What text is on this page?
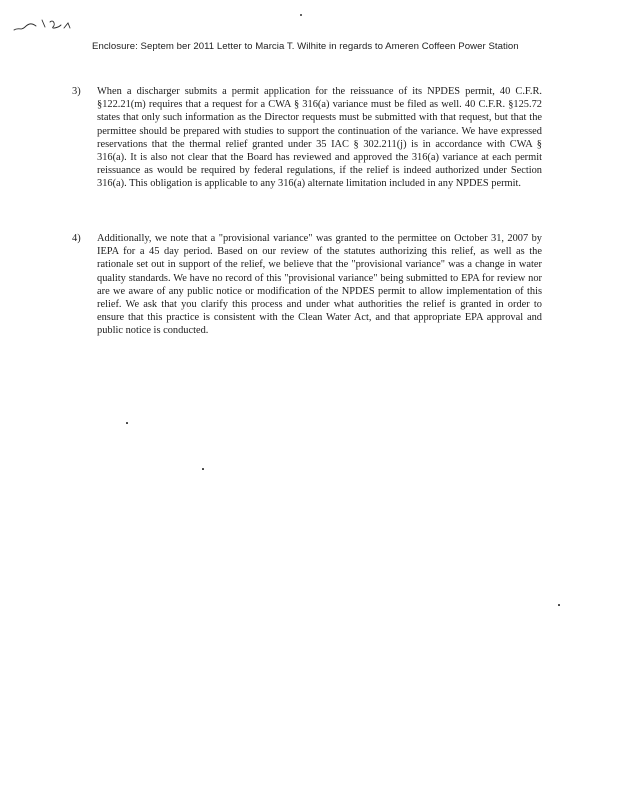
Enclosure: Septem ber 2011 Letter to Marcia T. Wilhite in regards to Ameren Coffeen Power Station
3)	When a discharger submits a permit application for the reissuance of its NPDES permit, 40 C.F.R. §122.21(m) requires that a request for a CWA § 316(a) variance must be filed as well. 40 C.F.R. §125.72 states that only such information as the Director requests must be submitted with that request, but that the permittee should be prepared with studies to support the continuation of the variance. We have expressed reservations that the thermal relief granted under 35 IAC § 302.211(j) is in accordance with CWA § 316(a). It is also not clear that the Board has reviewed and approved the 316(a) variance at each permit reissuance as would be required by federal regulations, if the relief is indeed authorized under Section 316(a). This obligation is applicable to any 316(a) alternate limitation included in any NPDES permit.
4)	Additionally, we note that a "provisional variance" was granted to the permittee on October 31, 2007 by IEPA for a 45 day period. Based on our review of the statutes authorizing this relief, as well as the rationale set out in support of the relief, we believe that the "provisional variance" was a change in water quality standards. We have no record of this "provisional variance" being submitted to EPA for review nor are we aware of any public notice or modification of the NPDES permit to allow implementation of this relief. We ask that you clarify this process and under what authorities the relief is granted in order to ensure that this practice is consistent with the Clean Water Act, and that appropriate EPA approval and public notice is conducted.
